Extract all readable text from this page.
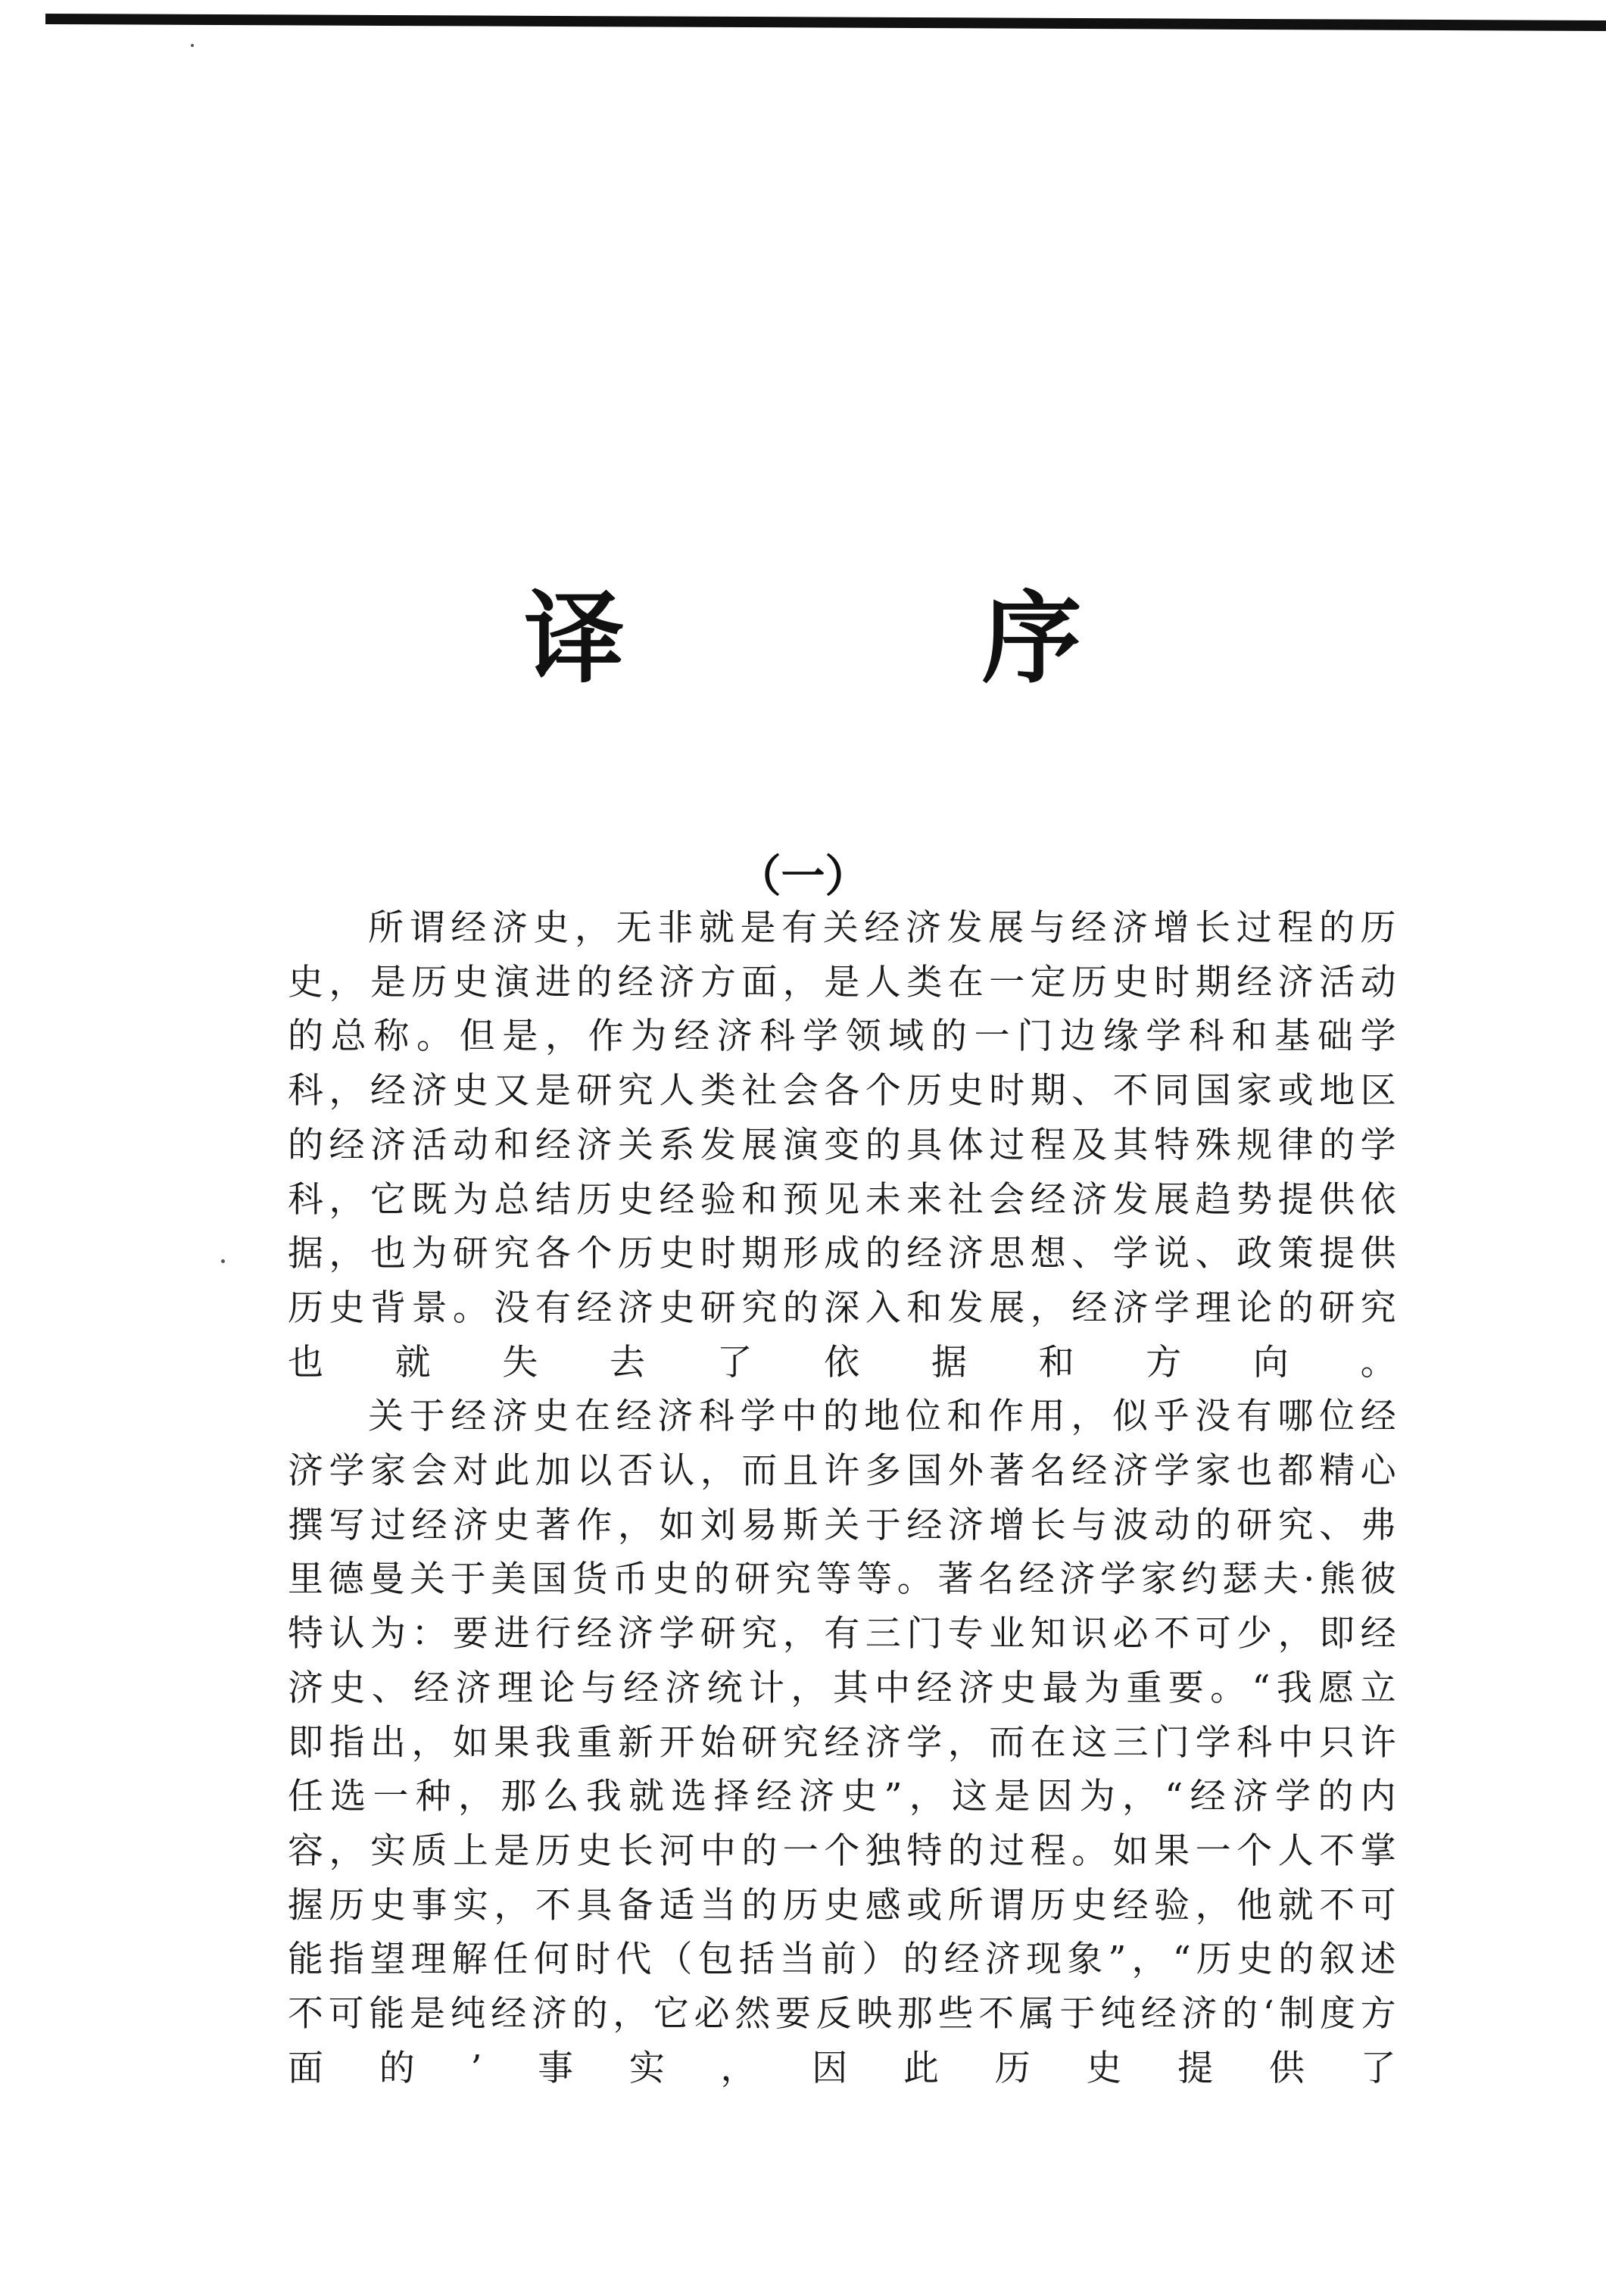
译　序
（一）

所谓经济史，无非就是有关经济发展与经济增长过程的历史，是历史演进的经济方面，是人类在一定历史时期经济活动的总称。但是，作为经济科学领域的一门边缘学科和基础学科，经济史又是研究人类社会各个历史时期、不同国家或地区的经济活动和经济关系发展演变的具体过程及其特殊规律的学科，它既为总结历史经验和预见未来社会经济发展趋势提供依据，也为研究各个历史时期形成的经济思想、学说、政策提供历史背景。没有经济史研究的深入和发展，经济学理论的研究也就失去了依据和方向。

关于经济史在经济科学中的地位和作用，似乎没有哪位经济学家会对此加以否认，而且许多国外著名经济学家也都精心撰写过经济史著作，如刘易斯关于经济增长与波动的研究、弗里德曼关于美国货币史的研究等等。著名经济学家约瑟夫·熊彼特认为：要进行经济学研究，有三门专业知识必不可少，即经济史、经济理论与经济统计，其中经济史最为重要。“我愿立即指出，如果我重新开始研究经济学，而在这三门学科中只许任选一种，那么我就选择经济史”，这是因为，“经济学的内容，实质上是历史长河中的一个独特的过程。如果一个人不掌握历史事实，不具备适当的历史感或所谓历史经验，他就不可能指望理解任何时代（包括当前）的经济现象”，“历史的叙述不可能是纯经济的，它必然要反映那些不属于纯经济的‘制度方面的’事实，因此历史提供了
